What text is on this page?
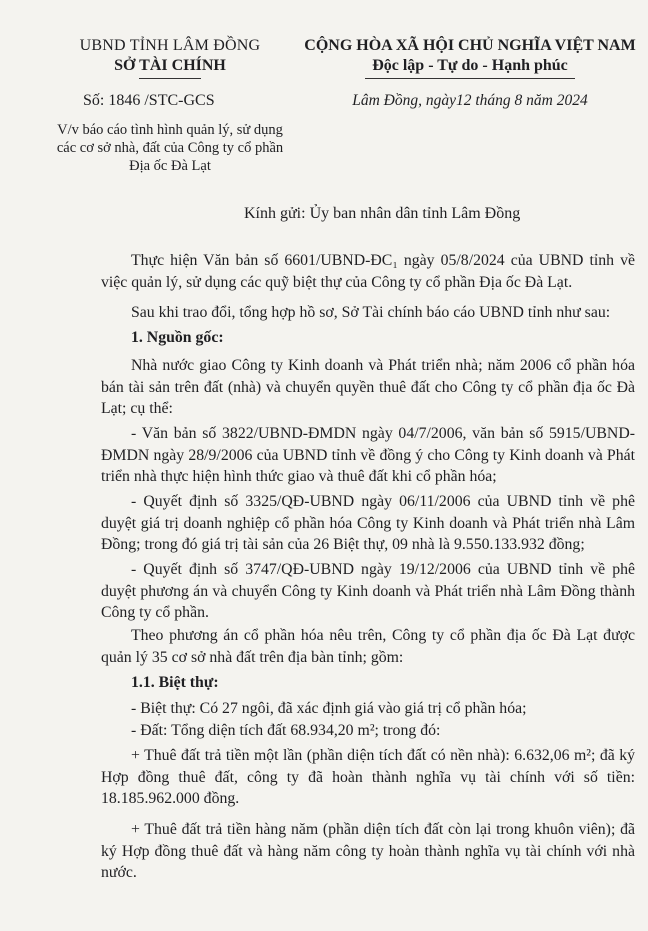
UBND TỈNH LÂM ĐỒNG
SỞ TÀI CHÍNH
Số: 1846 /STC-GCS
V/v báo cáo tình hình quản lý, sử dụng các cơ sở nhà, đất của Công ty cổ phần Địa ốc Đà Lạt
CỘNG HÒA XÃ HỘI CHỦ NGHĨA VIỆT NAM
Độc lập - Tự do - Hạnh phúc
Lâm Đồng, ngày12 tháng 8 năm 2024
Kính gửi: Ủy ban nhân dân tỉnh Lâm Đồng
Thực hiện Văn bản số 6601/UBND-ĐC₁ ngày 05/8/2024 của UBND tỉnh về việc quản lý, sử dụng các quỹ biệt thự của Công ty cổ phần Địa ốc Đà Lạt.
Sau khi trao đổi, tổng hợp hồ sơ, Sở Tài chính báo cáo UBND tỉnh như sau:
1. Nguồn gốc:
Nhà nước giao Công ty Kinh doanh và Phát triển nhà; năm 2006 cổ phần hóa bán tài sản trên đất (nhà) và chuyển quyền thuê đất cho Công ty cổ phần địa ốc Đà Lạt; cụ thể:
- Văn bản số 3822/UBND-ĐMDN ngày 04/7/2006, văn bản số 5915/UBND-ĐMDN ngày 28/9/2006 của UBND tỉnh về đồng ý cho Công ty Kinh doanh và Phát triển nhà thực hiện hình thức giao và thuê đất khi cổ phần hóa;
- Quyết định số 3325/QĐ-UBND ngày 06/11/2006 của UBND tỉnh về phê duyệt giá trị doanh nghiệp cổ phần hóa Công ty Kinh doanh và Phát triển nhà Lâm Đồng; trong đó giá trị tài sản của 26 Biệt thự, 09 nhà là 9.550.133.932 đồng;
- Quyết định số 3747/QĐ-UBND ngày 19/12/2006 của UBND tỉnh về phê duyệt phương án và chuyển Công ty Kinh doanh và Phát triển nhà Lâm Đồng thành Công ty cổ phần.
Theo phương án cổ phần hóa nêu trên, Công ty cổ phần địa ốc Đà Lạt được quản lý 35 cơ sở nhà đất trên địa bàn tỉnh; gồm:
1.1. Biệt thự:
- Biệt thự: Có 27 ngôi, đã xác định giá vào giá trị cổ phần hóa;
- Đất: Tổng diện tích đất 68.934,20 m²; trong đó:
+ Thuê đất trả tiền một lần (phần diện tích đất có nền nhà): 6.632,06 m²; đã ký Hợp đồng thuê đất, công ty đã hoàn thành nghĩa vụ tài chính với số tiền: 18.185.962.000 đồng.
+ Thuê đất trả tiền hàng năm (phần diện tích đất còn lại trong khuôn viên); đã ký Hợp đồng thuê đất và hàng năm công ty hoàn thành nghĩa vụ tài chính với nhà nước.
